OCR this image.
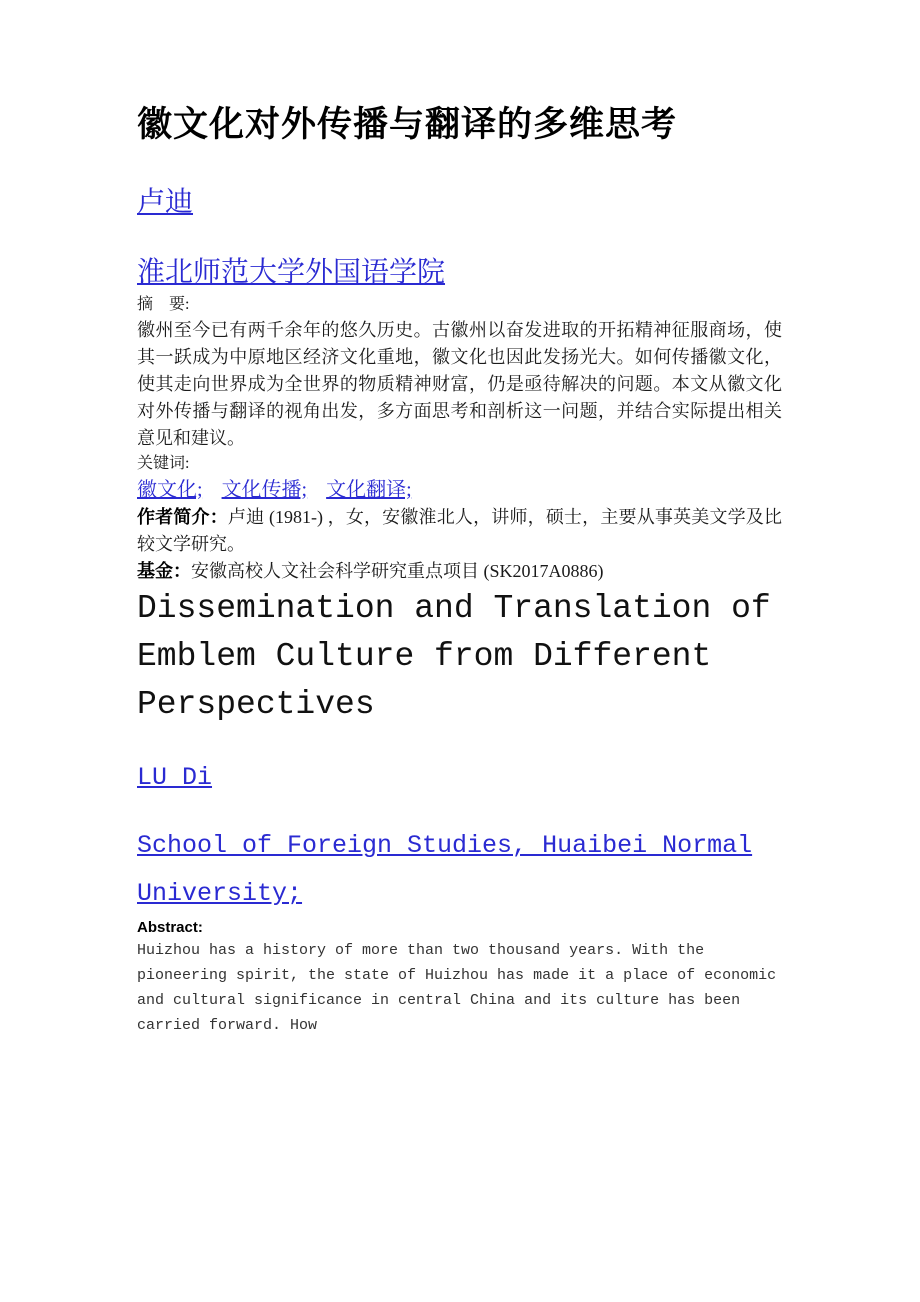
徽文化对外传播与翻译的多维思考

卢迪

淮北师范大学外国语学院

摘　要:

徽州至今已有两千余年的悠久历史。古徽州以奋发进取的开拓精神征服商场，使其一跃成为中原地区经济文化重地，徽文化也因此发扬光大。如何传播徽文化，使其走向世界成为全世界的物质精神财富，仍是亟待解决的问题。本文从徽文化对外传播与翻译的视角出发，多方面思考和剖析这一问题，并结合实际提出相关意见和建议。

关键词:

徽文化; 文化传播; 文化翻译;

作者简介：卢迪 (1981-) ，女，安徽淮北人，讲师，硕士，主要从事英美文学及比较文学研究。

基金：安徽高校人文社会科学研究重点项目 (SK2017A0886)

Dissemination and Translation of Emblem Culture from Different Perspectives

LU Di

School of Foreign Studies, Huaibei Normal University;

Abstract:

Huizhou has a history of more than two thousand years. With the pioneering spirit, the state of Huizhou has made it a place of economic and cultural significance in central China and its culture has been carried forward. How
